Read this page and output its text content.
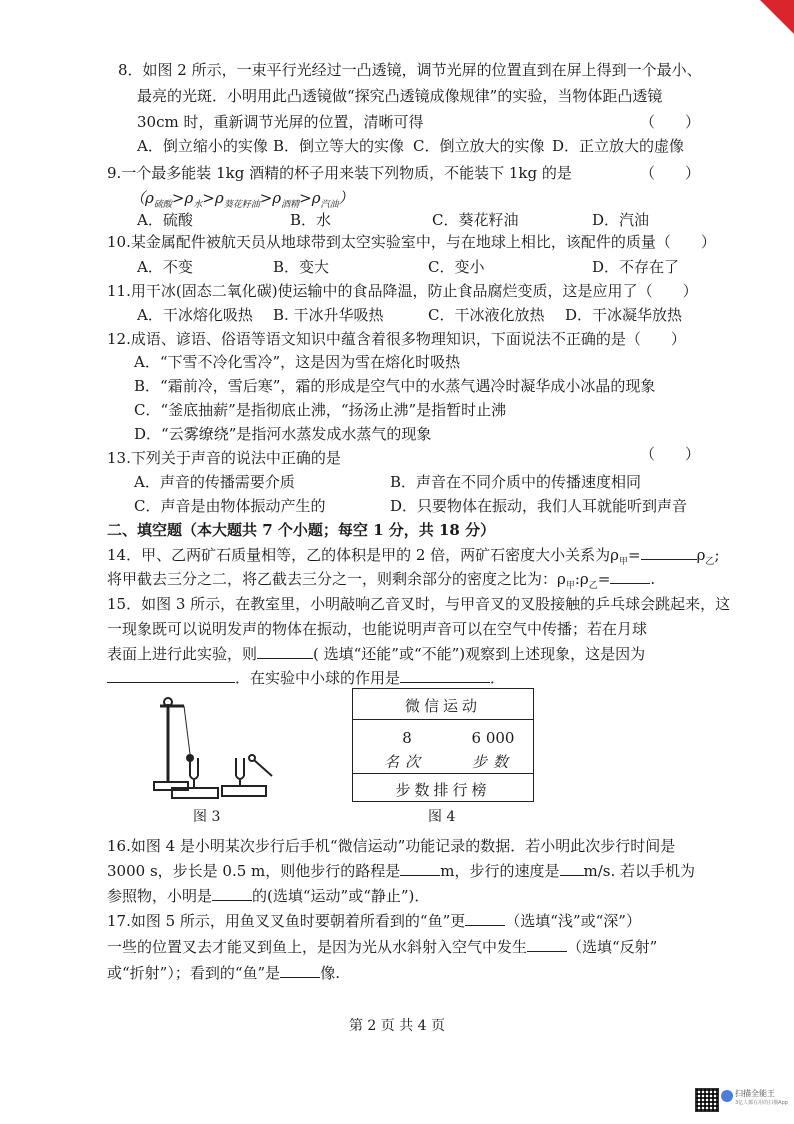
8．如图 2 所示，一束平行光经过一凸透镜，调节光屏的位置直到在屏上得到一个最小、
最亮的光斑．小明用此凸透镜做“探究凸透镜成像规律”的实验，当物体距凸透镜
30cm 时，重新调节光屏的位置，清晰可得	（　　）
A．倒立缩小的实像 B．倒立等大的实像 C．倒立放大的实像 D．正立放大的虚像
9.一个最多能装 1kg 酒精的杯子用来装下列物质，不能装下 1kg 的是	（　　）
$(\rho_{硫酸}>\rho_水>\rho_{葵花籽油}>\rho_{酒精}>\rho_{汽油})$
A．硫酸	B．水	C．葵花籽油	D．汽油
10.某金属配件被航天员从地球带到太空实验室中，与在地球上相比，该配件的质量（　　）
A．不变	B．变大	C．变小	D．不存在了
11.用干冰(固态二氧化碳)使运输中的食品降温，防止食品腐烂变质，这是应用了（　　）
A．干冰熔化吸热 B. 干冰升华吸热	C．干冰液化放热 D．干冰凝华放热
12.成语、谚语、俗语等语文知识中蕴含着很多物理知识，下面说法不正确的是（　　）
A．“下雪不冷化雪冷”，这是因为雪在熔化时吸热
B．“霜前冷，雪后寒”，霜的形成是空气中的水蒸气遇冷时凝华成小冰晶的现象
C．“釜底抽薪”是指彻底止沸，“扬汤止沸”是指暂时止沸
D．“云雾缭绕”是指河水蒸发成水蒸气的现象
（　　）
13.下列关于声音的说法中正确的是
A．声音的传播需要介质	B．声音在不同介质中的传播速度相同
C．声音是由物体振动产生的	D．只要物体在振动，我们人耳就能听到声音
二、填空题（本大题共 7 个小题；每空 1 分，共 18 分）
14．甲、乙两矿石质量相等，乙的体积是甲的 2 倍，两矿石密度大小关系为$\rho_甲=$	$\rho_乙$;
将甲截去三分之二，将乙截去三分之一，则剩余部分的密度之比为：$\rho_甲:\rho_乙=$	.
15．如图 3 所示，在教室里，小明敲响乙音叉时，与甲音叉的叉股接触的乒乓球会跳起来，这
一现象既可以说明发声的物体在振动，也能说明声音可以在空气中传播；若在月球
表面上进行此实验，则	( 选填“还能”或“不能”)观察到上述现象，这是因为
．在实验中小球的作用是	．
图 3
微信运动
8	6 000
名次	步数
步数排行榜
图 4
16.如图 4 是小明某次步行后手机“微信运动”功能记录的数据．若小明此次步行时间是
3000 s，步长是 0.5 m，则他步行的路程是	m，步行的速度是 m/s. 若以手机为
参照物，小明是	的(选填“运动”或“静止”)．
17.如图 5 所示，用鱼叉叉鱼时要朝着所看到的“鱼”更	（选填“浅”或“深”）
一些的位置叉去才能叉到鱼上，是因为光从水斜射入空气中发生	（选填“反射”
或“折射”）；看到的“鱼”是	像.
第 2 页 共 4 页
扫描全能王
3亿人都在用的扫描App
